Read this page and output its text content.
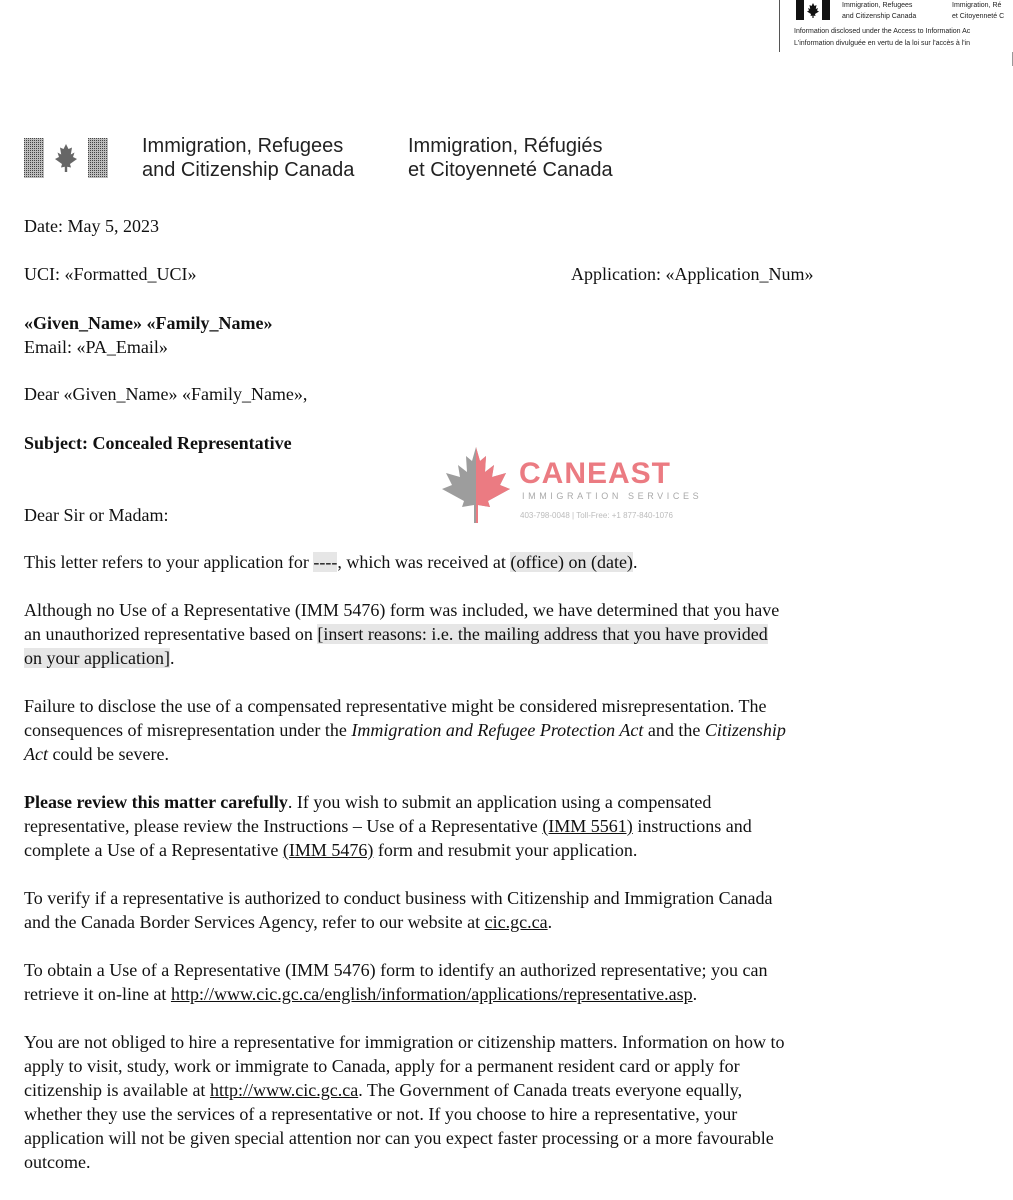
Immigration, Refugees
and Citizenship Canada
Immigration, Ré
et Citoyenneté C
Information disclosed under the Access to Information Ac
L'information divulguée en vertu de la loi sur l'accès à l'in
Immigration, Refugees
and Citizenship Canada
Immigration, Réfugiés
et Citoyenneté Canada
Date: May 5, 2023
UCI: «Formatted_UCI»	Application: «Application_Num»
«Given_Name» «Family_Name»
Email: «PA_Email»
Dear «Given_Name» «Family_Name»,
Subject: Concealed Representative
CANEAST
IMMIGRATION SERVICES
403-798-0048 | Toll-Free: +1 877-840-1076
Dear Sir or Madam:
This letter refers to your application for ----, which was received at (office) on (date).
Although no Use of a Representative (IMM 5476) form was included, we have determined that you have
an unauthorized representative based on [insert reasons: i.e. the mailing address that you have provided
on your application].
Failure to disclose the use of a compensated representative might be considered misrepresentation. The
consequences of misrepresentation under the Immigration and Refugee Protection Act and the Citizenship
Act could be severe.
Please review this matter carefully. If you wish to submit an application using a compensated
representative, please review the Instructions – Use of a Representative (IMM 5561) instructions and
complete a Use of a Representative (IMM 5476) form and resubmit your application.
To verify if a representative is authorized to conduct business with Citizenship and Immigration Canada
and the Canada Border Services Agency, refer to our website at cic.gc.ca.
To obtain a Use of a Representative (IMM 5476) form to identify an authorized representative; you can
retrieve it on-line at http://www.cic.gc.ca/english/information/applications/representative.asp.
You are not obliged to hire a representative for immigration or citizenship matters. Information on how to
apply to visit, study, work or immigrate to Canada, apply for a permanent resident card or apply for
citizenship is available at http://www.cic.gc.ca. The Government of Canada treats everyone equally,
whether they use the services of a representative or not. If you choose to hire a representative, your
application will not be given special attention nor can you expect faster processing or a more favourable
outcome.
